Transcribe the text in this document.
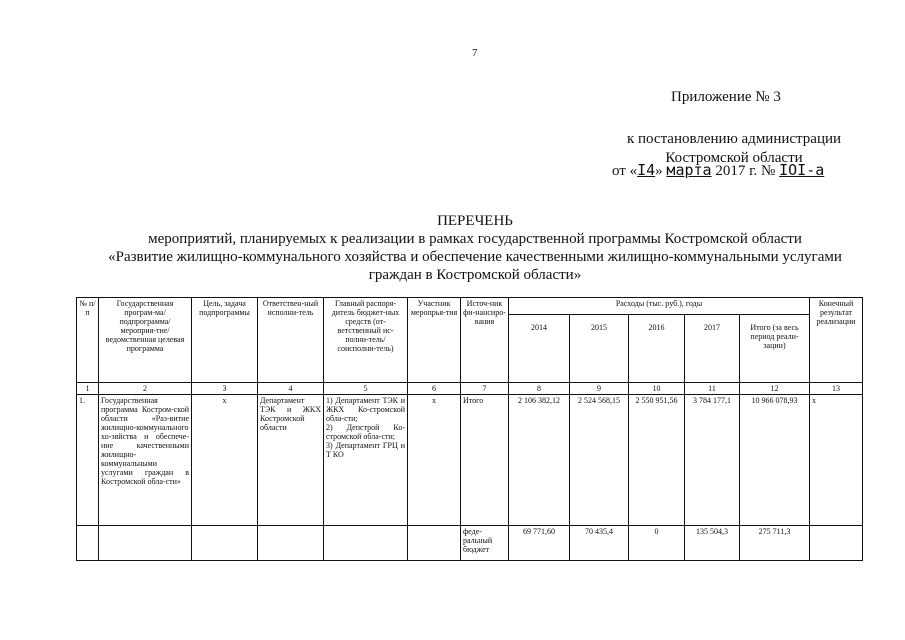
7
Приложение № 3
к постановлению администрации
Костромской области
от «I4» марта 2017 г. № IOI-а
ПЕРЕЧЕНЬ
мероприятий, планируемых к реализации в рамках государственной программы Костромской области
«Развитие жилищно-коммунального хозяйства и обеспечение качественными жилищно-коммунальными услугами
граждан в Костромской области»
№ п/п	Государственная програм-ма/подпрограмма/ мероприя-тие/ведомственная целевая программа	Цель, задача подпрограммы	Ответствен-ный исполни-тель	Главный распоря-дитель бюджет-ных средств (от-ветственный ис-полни-тель/соисполни-тель)	Участник меропрья-тия	Источ-ник фи-нансиро-вания	Расходы (тыс. руб.), годы					Конечный результат реализации
							2014	2015	2016	2017	Итого (за весь период реали-зации)	
1	2	3	4	5	6	7	8	9	10	11	12	13
1.	Государственная программа Костром-ской области «Раз-витие жилищно-коммунального хо-зяйства и обеспече-ние качественными жилищно-коммунальными услугами граждан в Костромской обла-сти»	х	Департамент ТЭК и ЖКХ Костромской области	1) Департамент ТЭК и ЖКХ Ко-стромской обла-сти;
2) Депстрой Ко-стромской обла-сти;
3) Департамент ГРЦ и Т КО	х	Итого	2 106 382,12	2 524 568,15	2 550 951,56	3 784 177,1	10 966 078,93	х
						феде-ральный бюджет	69 771,60	70 435,4	0	135 504,3	275 711,3	
